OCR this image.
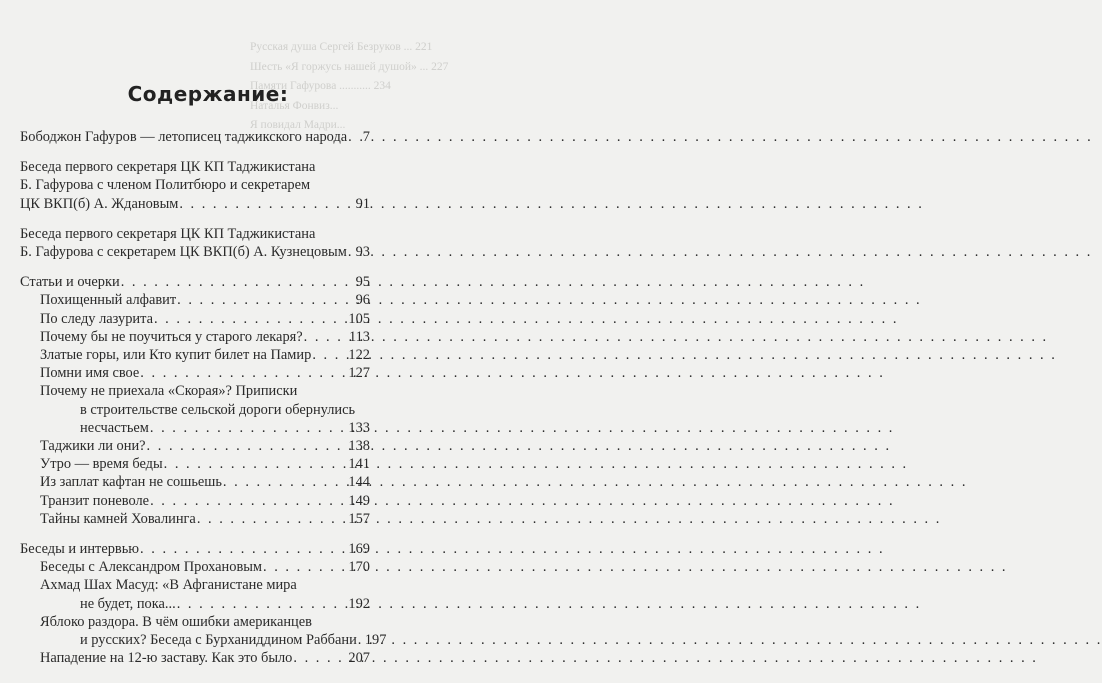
Русская душа Сергей Безруков ... 221
Шесть «Я горжусь нашей душой» ... 227
Памяти Гафурова ........... 234
Наталья Фонвиз...
Я повидал Мадри...
Содержание:
Бободжон Гафуров — летописец таджикского народа . . . 7
Беседа первого секретаря ЦК КП Таджикистана
Б. Гафурова с членом Политбюро и секретарем
ЦК ВКП(б) А. Ждановым . . .	91
Беседа первого секретаря ЦК КП Таджикистана
Б. Гафурова с секретарем ЦК ВКП(б) А. Кузнецовым . . . 93
Статьи и очерки . . .	95
Похищенный алфавит . . .	96
По следу лазурита . . .	105
Почему бы не поучиться у старого лекаря? . . .	113
Златые горы, или Кто купит билет на Памир . . .	122
Помни имя свое . . .	127
Почему не приехала «Скорая»? Приписки
в строительстве сельской дороги обернулись
несчастьем . . .	133
Таджики ли они? . . .	138
Утро — время беды . . .	141
Из заплат кафтан не сошьешь . . .	144
Транзит поневоле . . .	149
Тайны камней Ховалинга . . .	157
Беседы и интервью . . .	169
Беседы с Александром Прохановым . . .	170
Ахмад Шах Масуд: «В Афганистане мира
не будет, пока... . . .	192
Яблоко раздора. В чём ошибки американцев
и русских? Беседа с Бурханиддином Раббани . . . 197
Нападение на 12-ю заставу. Как это было . . .	207
